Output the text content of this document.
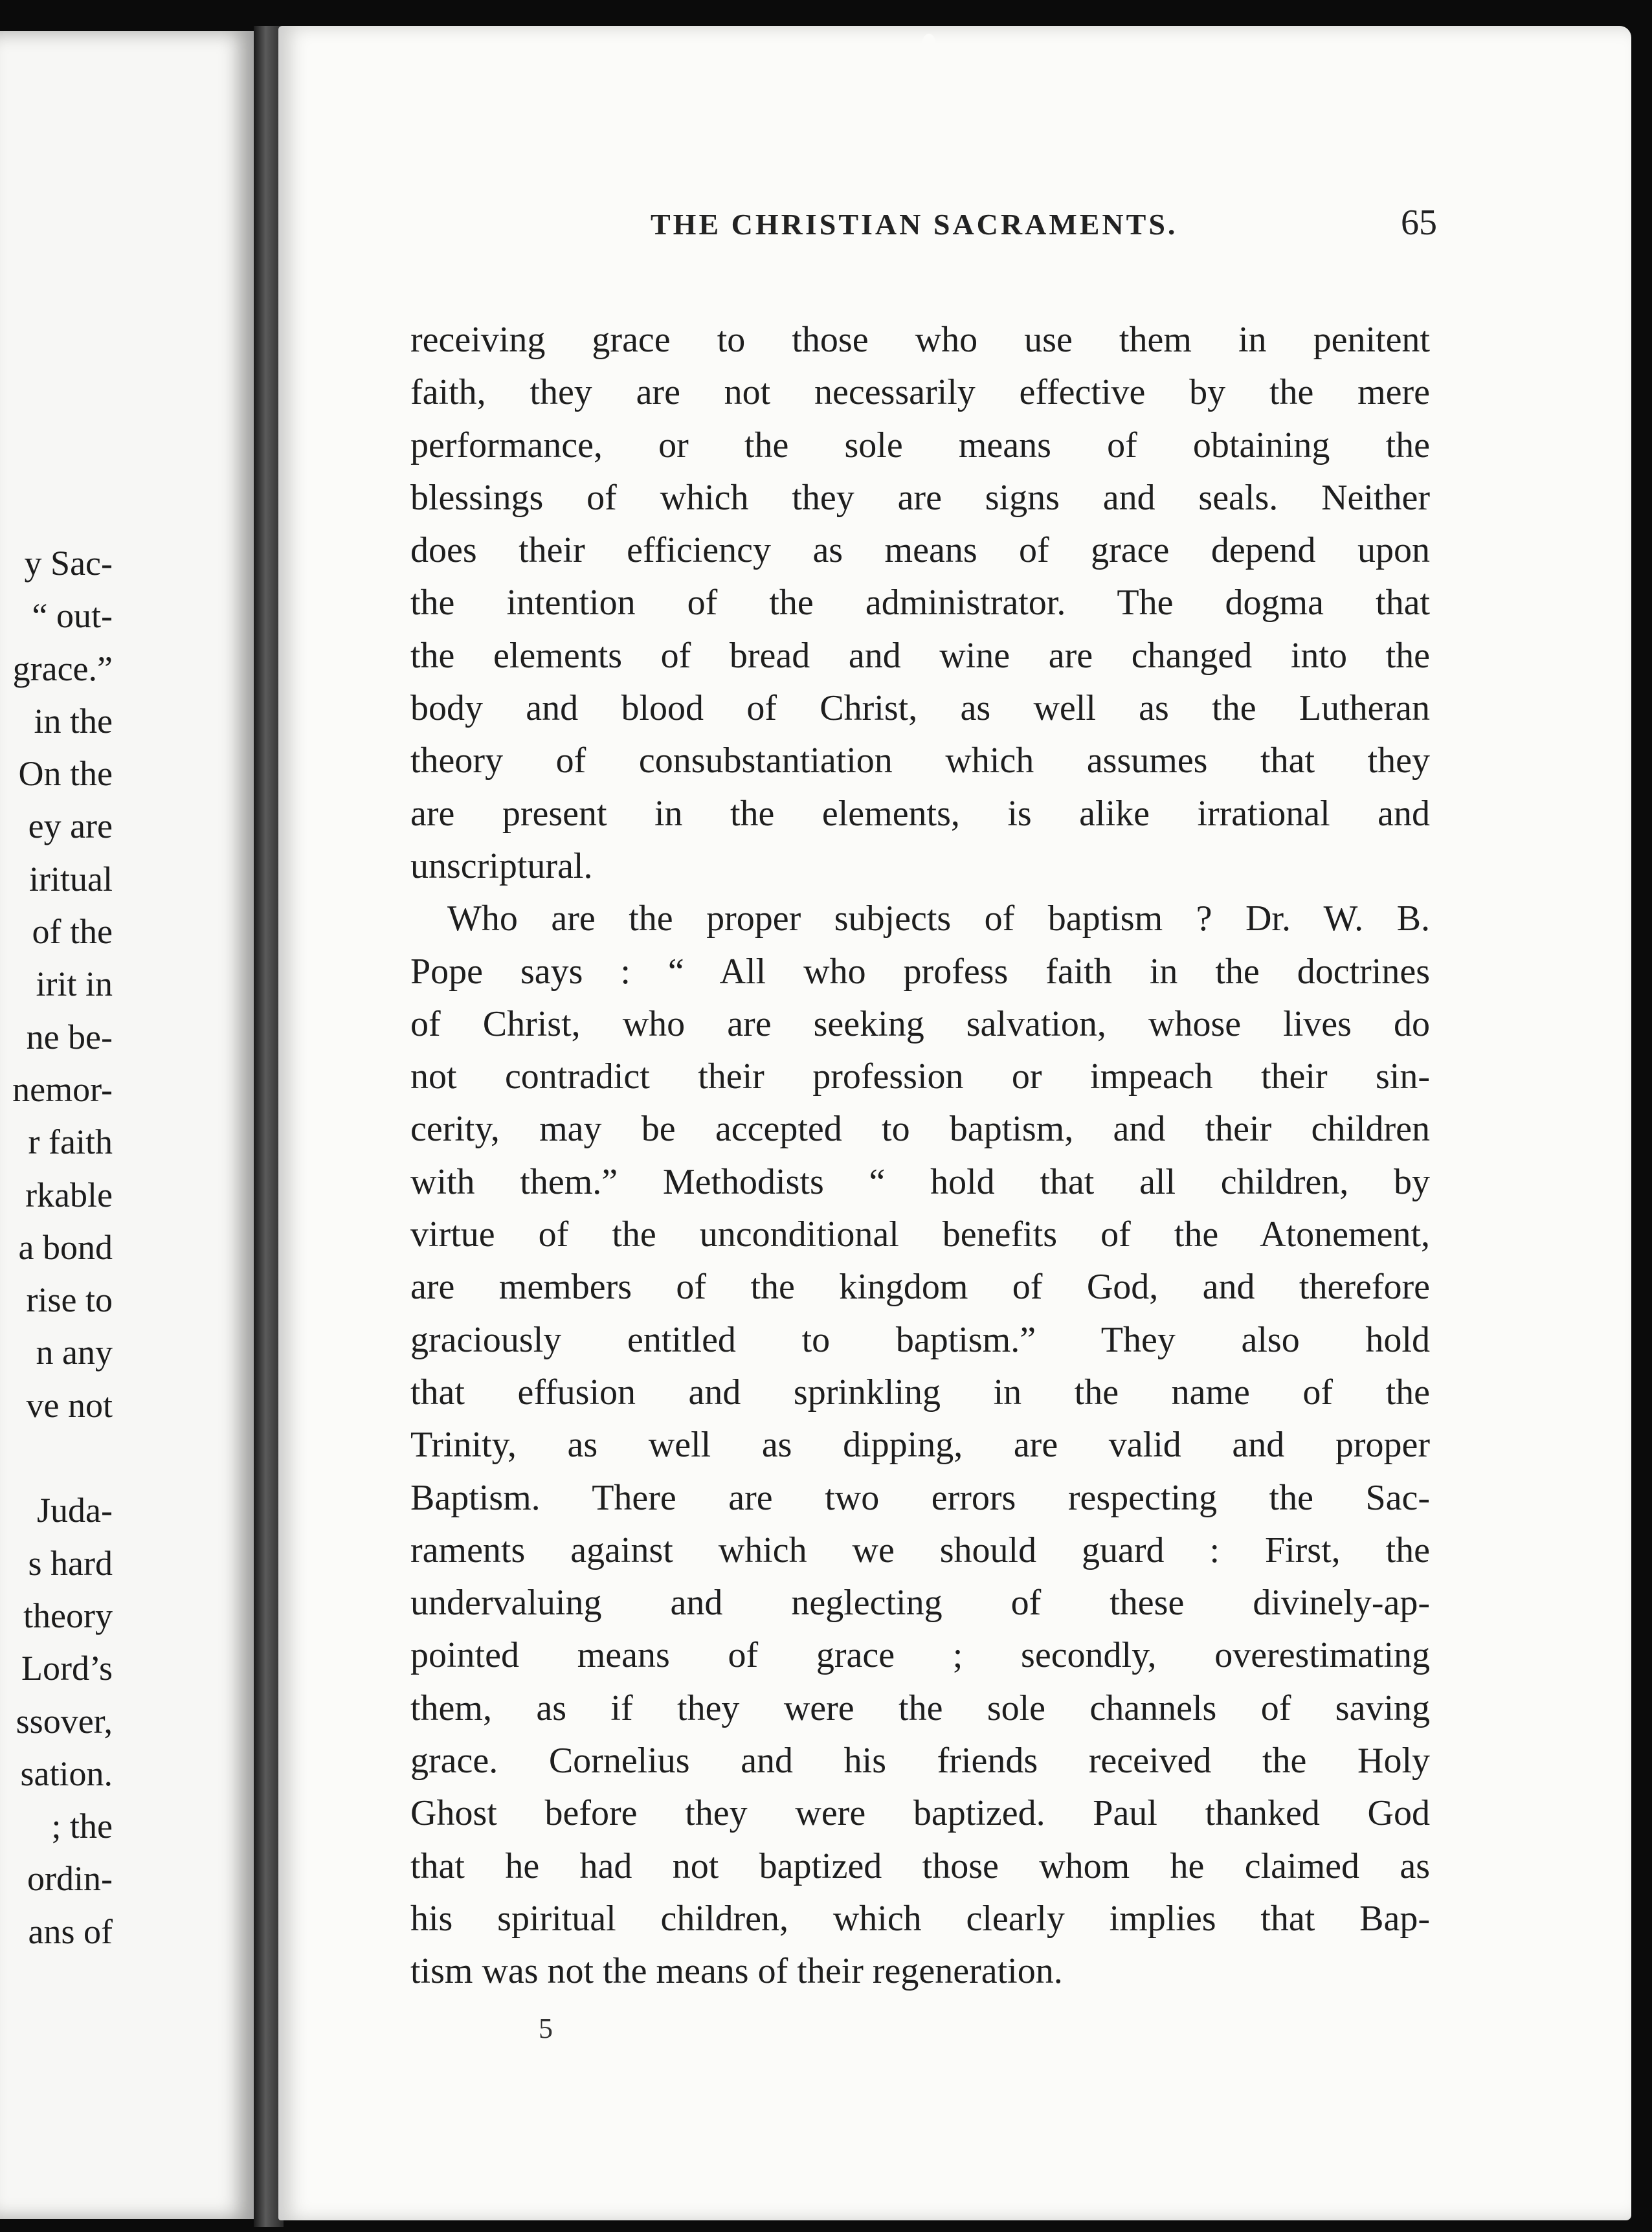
y Sac-
“ out-
grace.”
in the
On the
ey are
iritual
of the
irit in
ne be-
nemor-
r faith
rkable
a bond
rise to
n any
ve not

Juda-
s hard
theory
Lord’s
ssover,
sation.
; the
ordin-
ans of
THE CHRISTIAN SACRAMENTS.	65
receiving grace to those who use them in penitent
faith, they are not necessarily effective by the mere
performance, or the sole means of obtaining the
blessings of which they are signs and seals. Neither
does their efficiency as means of grace depend upon
the intention of the administrator. The dogma that
the elements of bread and wine are changed into the
body and blood of Christ, as well as the Lutheran
theory of consubstantiation which assumes that they
are present in the elements, is alike irrational and
unscriptural.
Who are the proper subjects of baptism ? Dr. W. B.
Pope says : “ All who profess faith in the doctrines
of Christ, who are seeking salvation, whose lives do
not contradict their profession or impeach their sin-
cerity, may be accepted to baptism, and their children
with them.” Methodists “ hold that all children, by
virtue of the unconditional benefits of the Atonement,
are members of the kingdom of God, and therefore
graciously entitled to baptism.” They also hold
that effusion and sprinkling in the name of the
Trinity, as well as dipping, are valid and proper
Baptism. There are two errors respecting the Sac-
raments against which we should guard : First, the
undervaluing and neglecting of these divinely-ap-
pointed means of grace ; secondly, overestimating
them, as if they were the sole channels of saving
grace. Cornelius and his friends received the Holy
Ghost before they were baptized. Paul thanked God
that he had not baptized those whom he claimed as
his spiritual children, which clearly implies that Bap-
tism was not the means of their regeneration.
5
